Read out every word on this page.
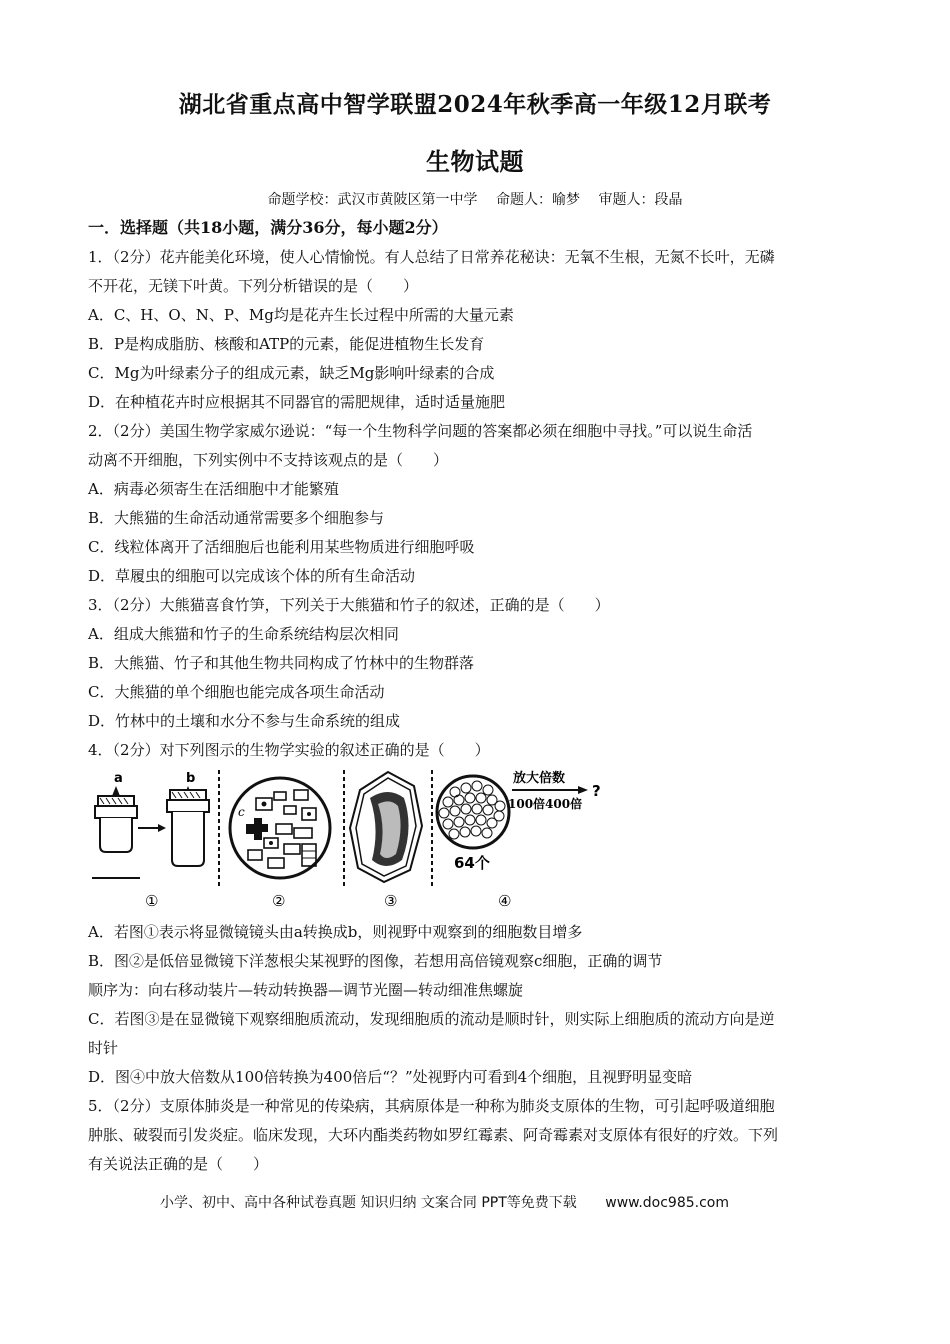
湖北省重点高中智学联盟2024年秋季高一年级12月联考
生物试题
命题学校：武汉市黄陂区第一中学 命题人：喻梦 审题人：段晶
一．选择题（共18小题，满分36分，每小题2分）
1．（2分）花卉能美化环境，使人心情愉悦。有人总结了日常养花秘诀：无氧不生根，无氮不长叶，无磷
不开花，无镁下叶黄。下列分析错误的是（　　）
A．C、H、O、N、P、Mg均是花卉生长过程中所需的大量元素
B．P是构成脂肪、核酸和ATP的元素，能促进植物生长发育
C．Mg为叶绿素分子的组成元素，缺乏Mg影响叶绿素的合成
D．在种植花卉时应根据其不同器官的需肥规律，适时适量施肥
2．（2分）美国生物学家威尔逊说：“每一个生物科学问题的答案都必须在细胞中寻找。”可以说生命活
动离不开细胞，下列实例中不支持该观点的是（　　）
A．病毒必须寄生在活细胞中才能繁殖
B．大熊猫的生命活动通常需要多个细胞参与
C．线粒体离开了活细胞后也能利用某些物质进行细胞呼吸
D．草履虫的细胞可以完成该个体的所有生命活动
3．（2分）大熊猫喜食竹笋，下列关于大熊猫和竹子的叙述，正确的是（　　）
A．组成大熊猫和竹子的生命系统结构层次相同
B．大熊猫、竹子和其他生物共同构成了竹林中的生物群落
C．大熊猫的单个细胞也能完成各项生命活动
D．竹林中的土壤和水分不参与生命系统的组成
4．（2分）对下列图示的生物学实验的叙述正确的是（　　）
a	b
①
c
②	③
64个
放大倍数
?
100倍400倍
④
A．若图①表示将显微镜镜头由a转换成b，则视野中观察到的细胞数目增多
B．图②是低倍显微镜下洋葱根尖某视野的图像，若想用高倍镜观察c细胞，正确的调节
顺序为：向右移动装片—转动转换器—调节光圈—转动细准焦螺旋
C．若图③是在显微镜下观察细胞质流动，发现细胞质的流动是顺时针，则实际上细胞质的流动方向是逆
时针
D．图④中放大倍数从100倍转换为400倍后“？”处视野内可看到4个细胞，且视野明显变暗
5．（2分）支原体肺炎是一种常见的传染病，其病原体是一种称为肺炎支原体的生物，可引起呼吸道细胞
肿胀、破裂而引发炎症。临床发现，大环内酯类药物如罗红霉素、阿奇霉素对支原体有很好的疗效。下列
有关说法正确的是（　　）
小学、初中、高中各种试卷真题 知识归纳 文案合同 PPT等免费下载 www.doc985.com
